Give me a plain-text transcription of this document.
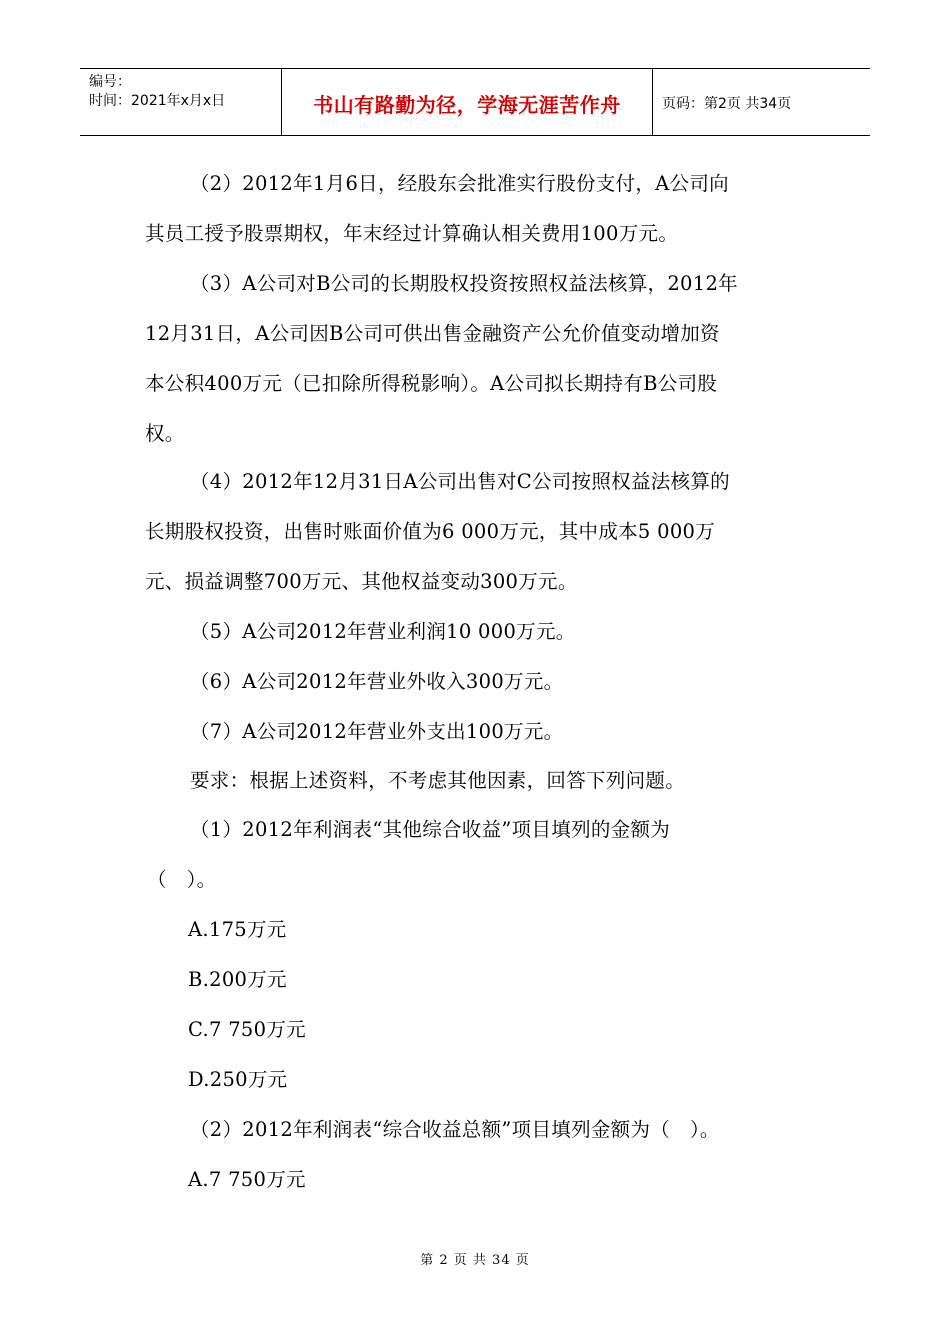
编号：
时间：2021年x月x日	书山有路勤为径，学海无涯苦作舟	页码：第2页 共34页
（2）2012年1月6日，经股东会批准实行股份支付，A公司向
其员工授予股票期权，年末经过计算确认相关费用100万元。
（3）A公司对B公司的长期股权投资按照权益法核算，2012年
12月31日，A公司因B公司可供出售金融资产公允价值变动增加资
本公积400万元（已扣除所得税影响）。A公司拟长期持有B公司股
权。
（4）2012年12月31日A公司出售对C公司按照权益法核算的
长期股权投资，出售时账面价值为6 000万元，其中成本5 000万
元、损益调整700万元、其他权益变动300万元。
（5）A公司2012年营业利润10 000万元。
（6）A公司2012年营业外收入300万元。
（7）A公司2012年营业外支出100万元。
要求：根据上述资料，不考虑其他因素，回答下列问题。
（1）2012年利润表“其他综合收益”项目填列的金额为
（　）。
A.175万元
B.200万元
C.7 750万元
D.250万元
（2）2012年利润表“综合收益总额”项目填列金额为（　）。
A.7 750万元
第 2 页 共 34 页
